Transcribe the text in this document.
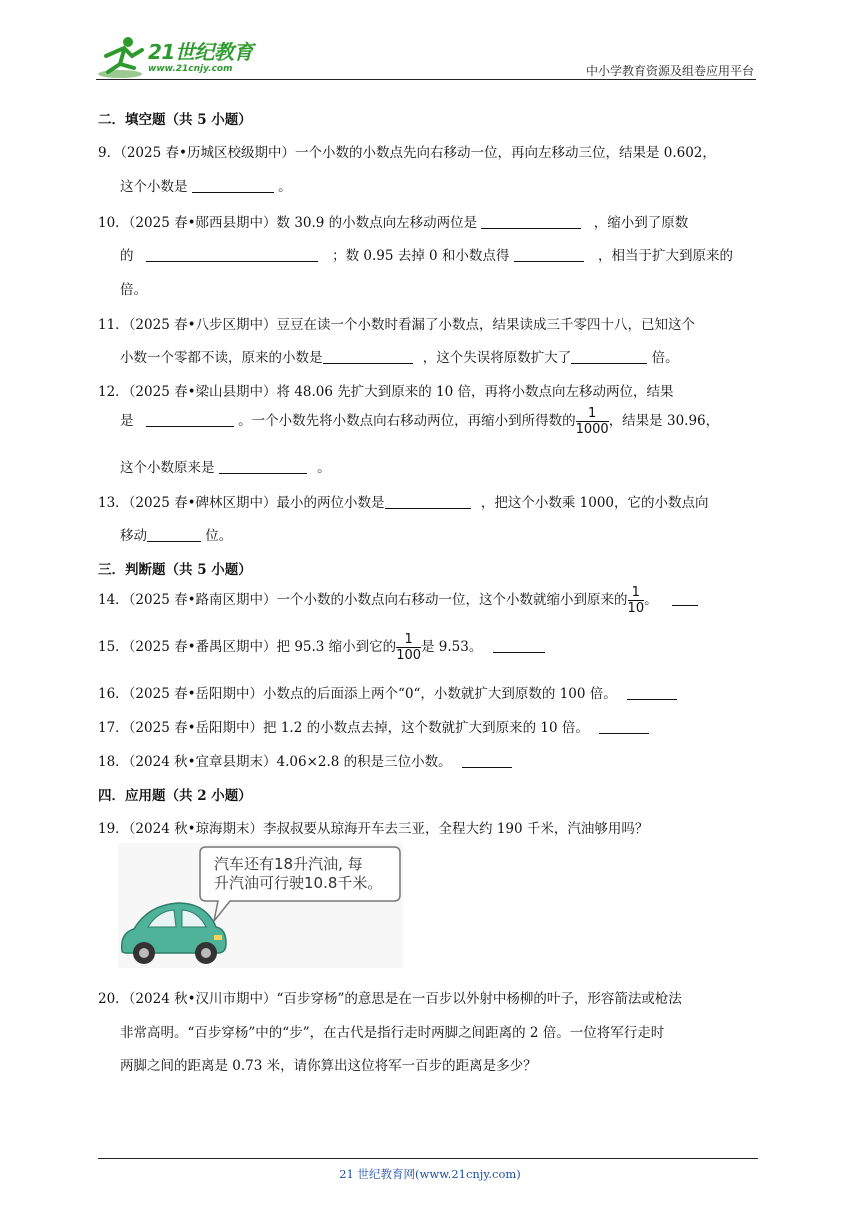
21世纪教育
www.21cnjy.com	中小学教育资源及组卷应用平台
二．填空题（共 5 小题）
9．（2025 春•历城区校级期中）一个小数的小数点先向右移动一位，再向左移动三位，结果是 0.602，
这个小数是	。
10．（2025 春•郧西县期中）数 30.9 的小数点向左移动两位是	，缩小到了原数
的	；数 0.95 去掉 0 和小数点得	，相当于扩大到原来的
倍。
11．（2025 春•八步区期中）豆豆在读一个小数时看漏了小数点，结果读成三千零四十八，已知这个
小数一个零都不读，原来的小数是	，这个失误将原数扩大了	倍。
12．（2025 春•梁山县期中）将 48.06 先扩大到原来的 10 倍，再将小数点向左移动两位，结果
是	。一个小数先将小数点向右移动两位，再缩小到所得数的 $\frac{1}{1000}$ ，结果是 30.96，
这个小数原来是	。
13．（2025 春•碑林区期中）最小的两位小数是	，把这个小数乘 1000，它的小数点向
移动	位。
三．判断题（共 5 小题）
14．（2025 春•路南区期中）一个小数的小数点向右移动一位，这个小数就缩小到原来的 $\frac{1}{10}$ 。
15．（2025 春•番禺区期中）把 95.3 缩小到它的 $\frac{1}{100}$ 是 9.53。
16．（2025 春•岳阳期中）小数点的后面添上两个“0“，小数就扩大到原数的 100 倍。
17．（2025 春•岳阳期中）把 1.2 的小数点去掉，这个数就扩大到原来的 10 倍。
18．（2024 秋•宜章县期末）4.06×2.8 的积是三位小数。
四．应用题（共 2 小题）
19．（2024 秋•琼海期末）李叔叔要从琼海开车去三亚，全程大约 190 千米，汽油够用吗？
汽车还有18升汽油, 每
升汽油可行驶10.8千米。
20．（2024 秋•汉川市期中）“百步穿杨”的意思是在一百步以外射中杨柳的叶子，形容箭法或枪法
非常高明。“百步穿杨”中的“步”，在古代是指行走时两脚之间距离的 2 倍。一位将军行走时
两脚之间的距离是 0.73 米，请你算出这位将军一百步的距离是多少？
21 世纪教育网(www.21cnjy.com)
